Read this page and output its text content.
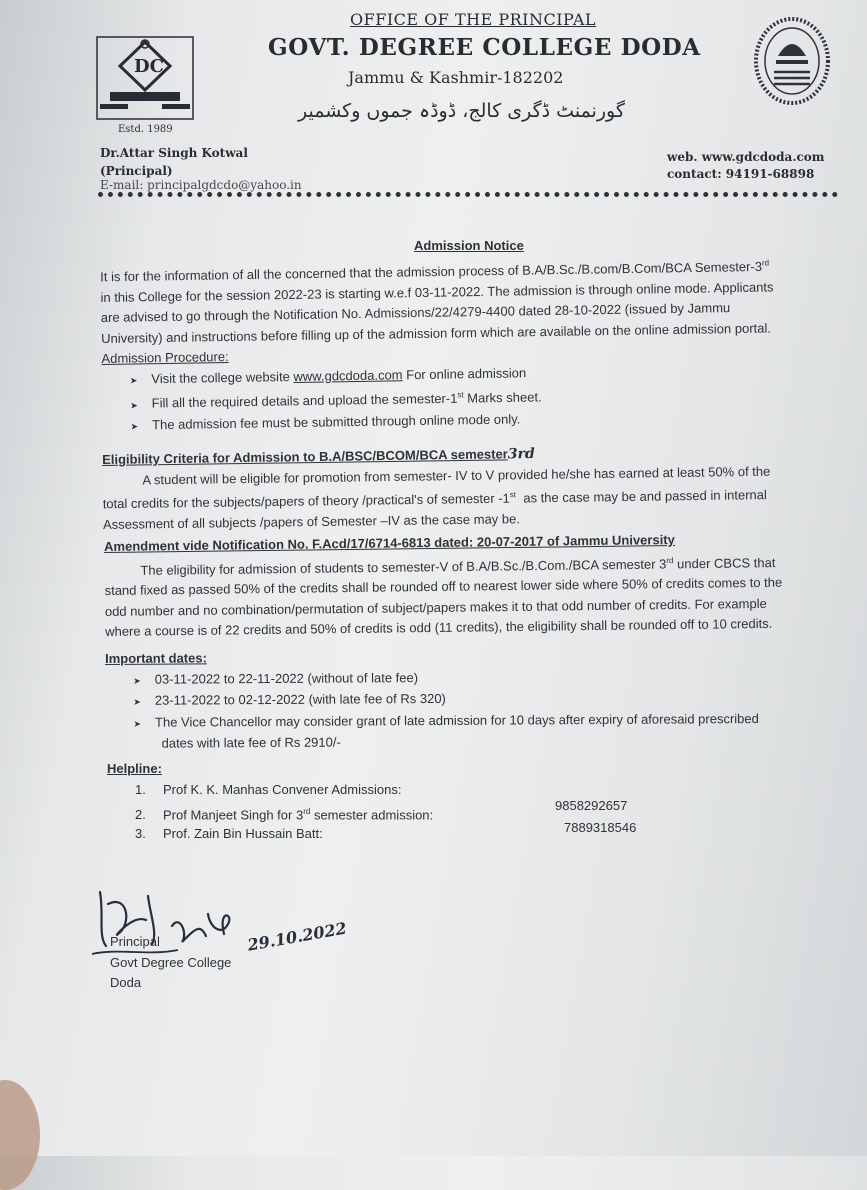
DC
OFFICE OF THE PRINCIPAL
GOVT. DEGREE COLLEGE DODA
Jammu & Kashmir-182202
گورنمنٹ ڈگری کالج، ڈوڈہ جموں وکشمیر
Estd. 1989
Dr.Attar Singh Kotwal
(Principal)
E-mail: principalgdcdo@yahoo.in
web. www.gdcdoda.com
contact: 94191-68898
Admission Notice
It is for the information of all the concerned that the admission process of B.A/B.Sc./B.com/B.Com/BCA Semester-3rd
in this College for the session 2022-23 is starting w.e.f 03-11-2022. The admission is through online mode. Applicants
are advised to go through the Notification No. Admissions/22/4279-4400 dated 28-10-2022 (issued by Jammu
University) and instructions before filling up of the admission form which are available on the online admission portal.
Admission Procedure:
➤ Visit the college website www.gdcdoda.com For online admission
➤ Fill all the required details and upload the semester-1st Marks sheet.
➤ The admission fee must be submitted through online mode only.
Eligibility Criteria for Admission to B.A/BSC/BCOM/BCA semester3rd
A student will be eligible for promotion from semester- IV to V provided he/she has earned at least 50% of the
total credits for the subjects/papers of theory /practical's of semester -1st as the case may be and passed in internal
Assessment of all subjects /papers of Semester –IV as the case may be.
Amendment vide Notification No. F.Acd/17/6714-6813 dated: 20-07-2017 of Jammu University
The eligibility for admission of students to semester-V of B.A/B.Sc./B.Com./BCA semester 3rd under CBCS that
stand fixed as passed 50% of the credits shall be rounded off to nearest lower side where 50% of credits comes to the
odd number and no combination/permutation of subject/papers makes it to that odd number of credits. For example
where a course is of 22 credits and 50% of credits is odd (11 credits), the eligibility shall be rounded off to 10 credits.
Important dates:
➤ 03-11-2022 to 22-11-2022 (without of late fee)
➤ 23-11-2022 to 02-12-2022 (with late fee of Rs 320)
➤ The Vice Chancellor may consider grant of late admission for 10 days after expiry of aforesaid prescribed
dates with late fee of Rs 2910/-
Helpline:
1. Prof K. K. Manhas Convener Admissions:
2. Prof Manjeet Singh for 3rd semester admission:
9858292657
3. Prof. Zain Bin Hussain Batt:	7889318546
Principal
Govt Degree College
Doda
29.10.2022
